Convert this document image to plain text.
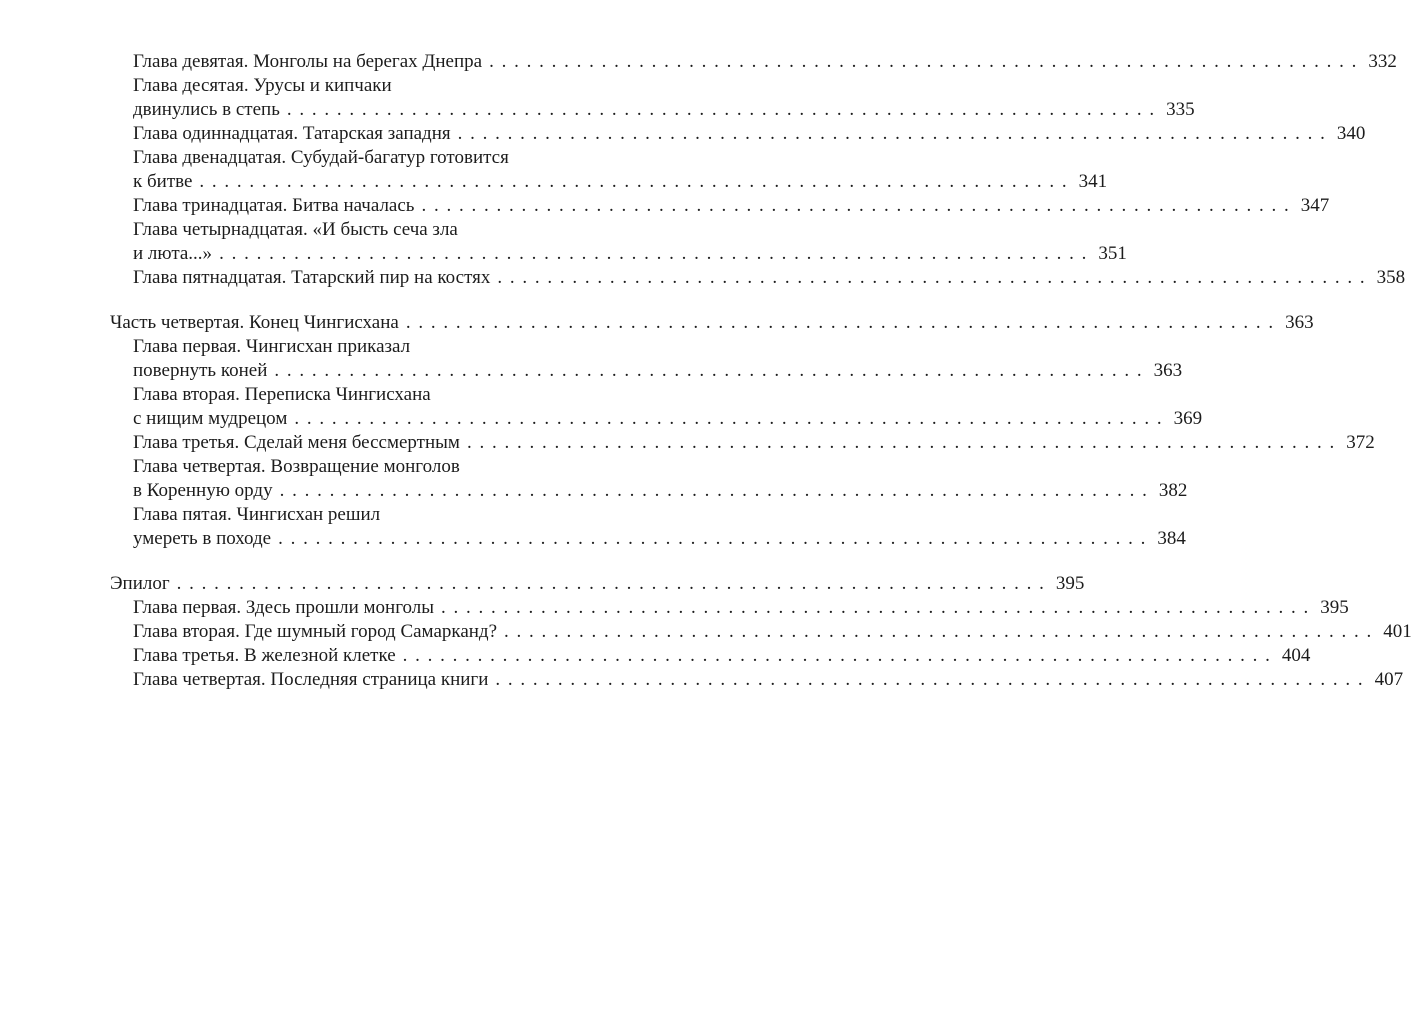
Глава девятая. Монголы на берегах Днепра . . . . . . . . . . . . . . . . . . . . . . . . . . . . . . . . . . . . . . . . . . . . . . . . . . . . . . . . . . . . . . . . . . . . . . 332
Глава десятая. Урусы и кипчаки
двинулись в степь . . . . . . . . . . . . . . . . . . . . . . . . . . . . . . . . . . . . . . . . . . . . . . . . . . . . . . . . . . . . . . . . . . . . . . 335
Глава одиннадцатая. Татарская западня . . . . . . . . . . . . . . . . . . . . . . . . . . . . . . . . . . . . . . . . . . . . . . . . . . . . . . . . . . . . . . . . . . . . . . 340
Глава двенадцатая. Субудай-багатур готовится
к битве . . . . . . . . . . . . . . . . . . . . . . . . . . . . . . . . . . . . . . . . . . . . . . . . . . . . . . . . . . . . . . . . . . . . . . 341
Глава тринадцатая. Битва началась . . . . . . . . . . . . . . . . . . . . . . . . . . . . . . . . . . . . . . . . . . . . . . . . . . . . . . . . . . . . . . . . . . . . . . 347
Глава четырнадцатая. «И бысть сеча зла
и люта...» . . . . . . . . . . . . . . . . . . . . . . . . . . . . . . . . . . . . . . . . . . . . . . . . . . . . . . . . . . . . . . . . . . . . . . 351
Глава пятнадцатая. Татарский пир на костях . . . . . . . . . . . . . . . . . . . . . . . . . . . . . . . . . . . . . . . . . . . . . . . . . . . . . . . . . . . . . . . . . . . . . . 358
Часть четвертая. Конец Чингисхана . . . . . . . . . . . . . . . . . . . . . . . . . . . . . . . . . . . . . . . . . . . . . . . . . . . . . . . . . . . . . . . . . . . . . . 363
Глава первая. Чингисхан приказал
повернуть коней . . . . . . . . . . . . . . . . . . . . . . . . . . . . . . . . . . . . . . . . . . . . . . . . . . . . . . . . . . . . . . . . . . . . . . 363
Глава вторая. Переписка Чингисхана
с нищим мудрецом . . . . . . . . . . . . . . . . . . . . . . . . . . . . . . . . . . . . . . . . . . . . . . . . . . . . . . . . . . . . . . . . . . . . . . 369
Глава третья. Сделай меня бессмертным . . . . . . . . . . . . . . . . . . . . . . . . . . . . . . . . . . . . . . . . . . . . . . . . . . . . . . . . . . . . . . . . . . . . . . 372
Глава четвертая. Возвращение монголов
в Коренную орду . . . . . . . . . . . . . . . . . . . . . . . . . . . . . . . . . . . . . . . . . . . . . . . . . . . . . . . . . . . . . . . . . . . . . . 382
Глава пятая. Чингисхан решил
умереть в походе . . . . . . . . . . . . . . . . . . . . . . . . . . . . . . . . . . . . . . . . . . . . . . . . . . . . . . . . . . . . . . . . . . . . . . 384
Эпилог . . . . . . . . . . . . . . . . . . . . . . . . . . . . . . . . . . . . . . . . . . . . . . . . . . . . . . . . . . . . . . . . . . . . . . 395
Глава первая. Здесь прошли монголы . . . . . . . . . . . . . . . . . . . . . . . . . . . . . . . . . . . . . . . . . . . . . . . . . . . . . . . . . . . . . . . . . . . . . . 395
Глава вторая. Где шумный город Самарканд? . . . . . . . . . . . . . . . . . . . . . . . . . . . . . . . . . . . . . . . . . . . . . . . . . . . . . . . . . . . . . . . . . . . . . . 401
Глава третья. В железной клетке . . . . . . . . . . . . . . . . . . . . . . . . . . . . . . . . . . . . . . . . . . . . . . . . . . . . . . . . . . . . . . . . . . . . . . 404
Глава четвертая. Последняя страница книги . . . . . . . . . . . . . . . . . . . . . . . . . . . . . . . . . . . . . . . . . . . . . . . . . . . . . . . . . . . . . . . . . . . . . . 407
